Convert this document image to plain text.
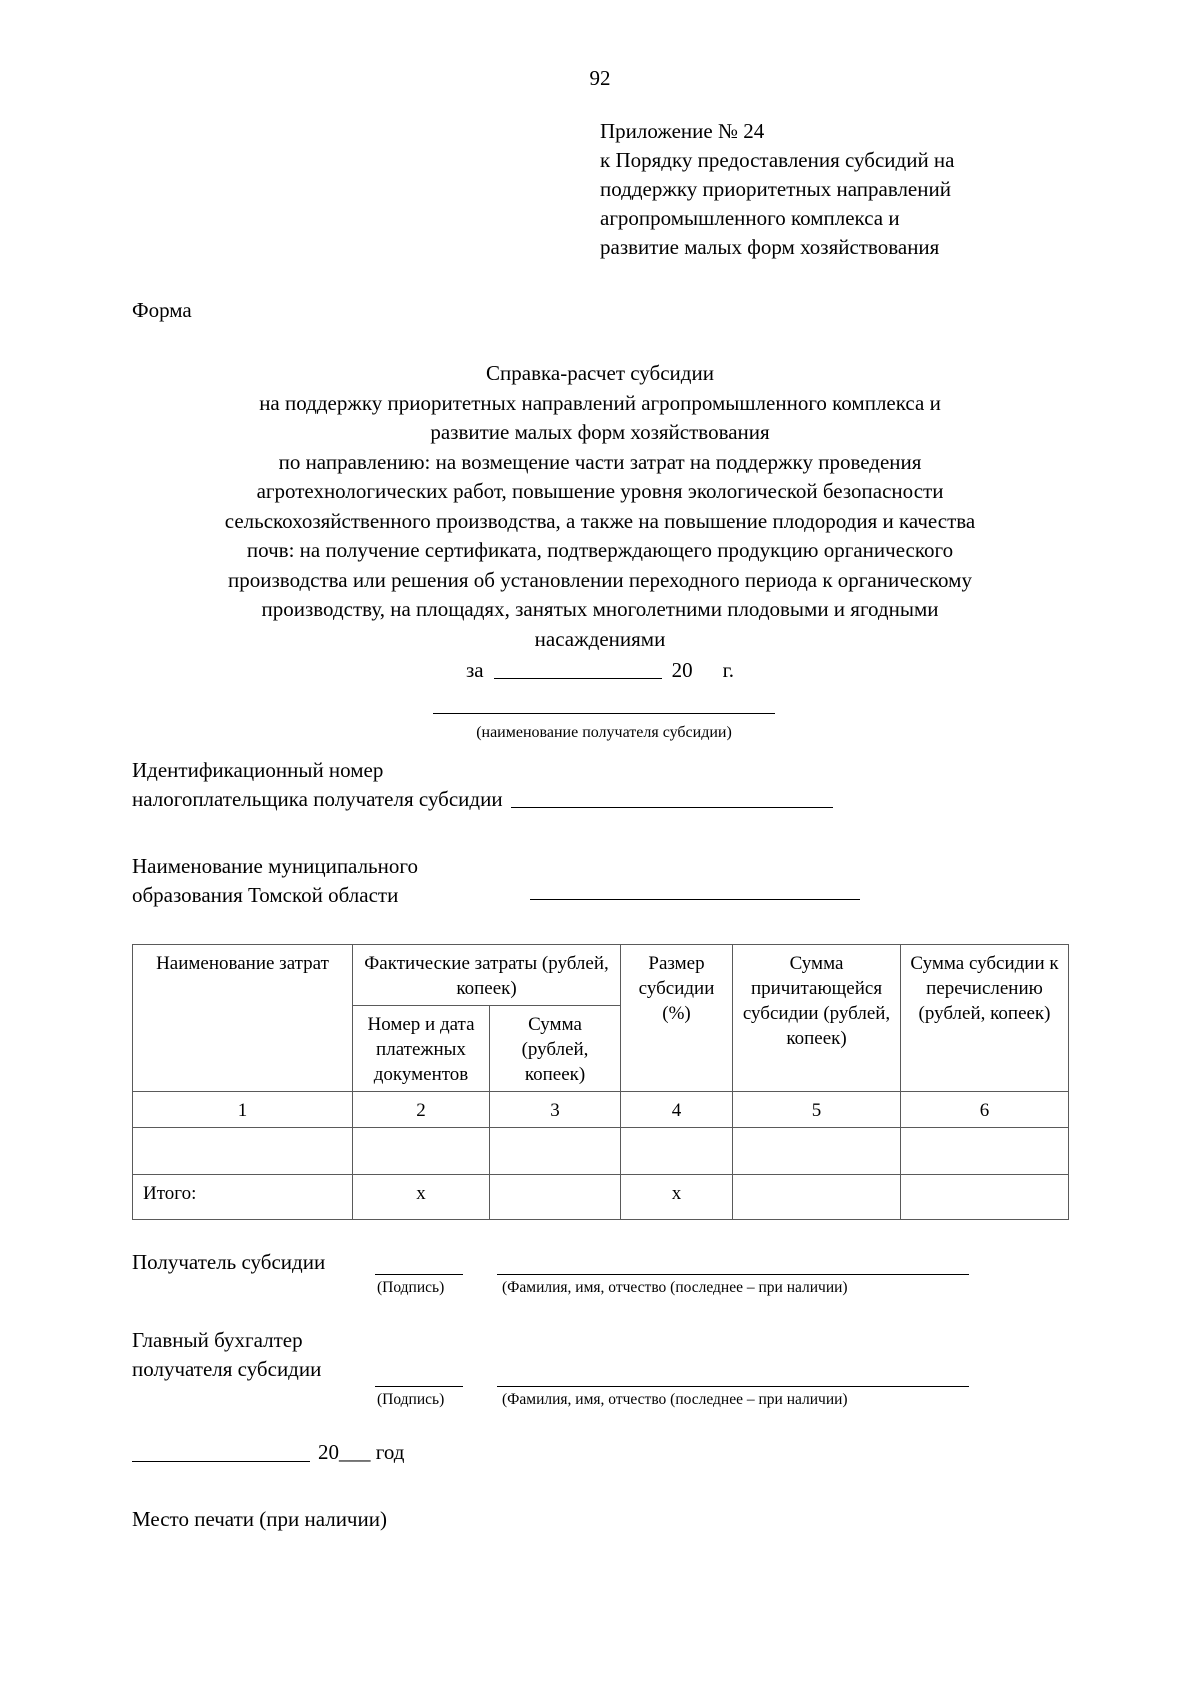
92
Приложение № 24
к Порядку предоставления субсидий на
поддержку приоритетных направлений
агропромышленного комплекса и
развитие малых форм хозяйствования
Форма
Справка-расчет субсидии
на поддержку приоритетных направлений агропромышленного комплекса и
развитие малых форм хозяйствования
по направлению: на возмещение части затрат на поддержку проведения
агротехнологических работ, повышение уровня экологической безопасности
сельскохозяйственного производства, а также на повышение плодородия и качества
почв: на получение сертификата, подтверждающего продукцию органического
производства или решения об установлении переходного периода к органическому
производству, на площадях, занятых многолетними плодовыми и ягодными
насаждениями
за	20 г.
(наименование получателя субсидии)
Идентификационный номер
налогоплательщика получателя субсидии
Наименование муниципального
образования Томской области
Наименование затрат	Фактические затраты (рублей, копеек)		Размер субсидии (%)	Сумма причитающейся субсидии (рублей, копеек)	Сумма субсидии к перечислению (рублей, копеек)
	Номер и дата платежных документов	Сумма (рублей, копеек)			
1	2	3	4	5	6

Итого:	х		х		
Получатель субсидии
(Подпись)	(Фамилия, имя, отчество (последнее – при наличии)
Главный бухгалтер
получателя субсидии
(Подпись)	(Фамилия, имя, отчество (последнее – при наличии)
20___ год
Место печати (при наличии)
